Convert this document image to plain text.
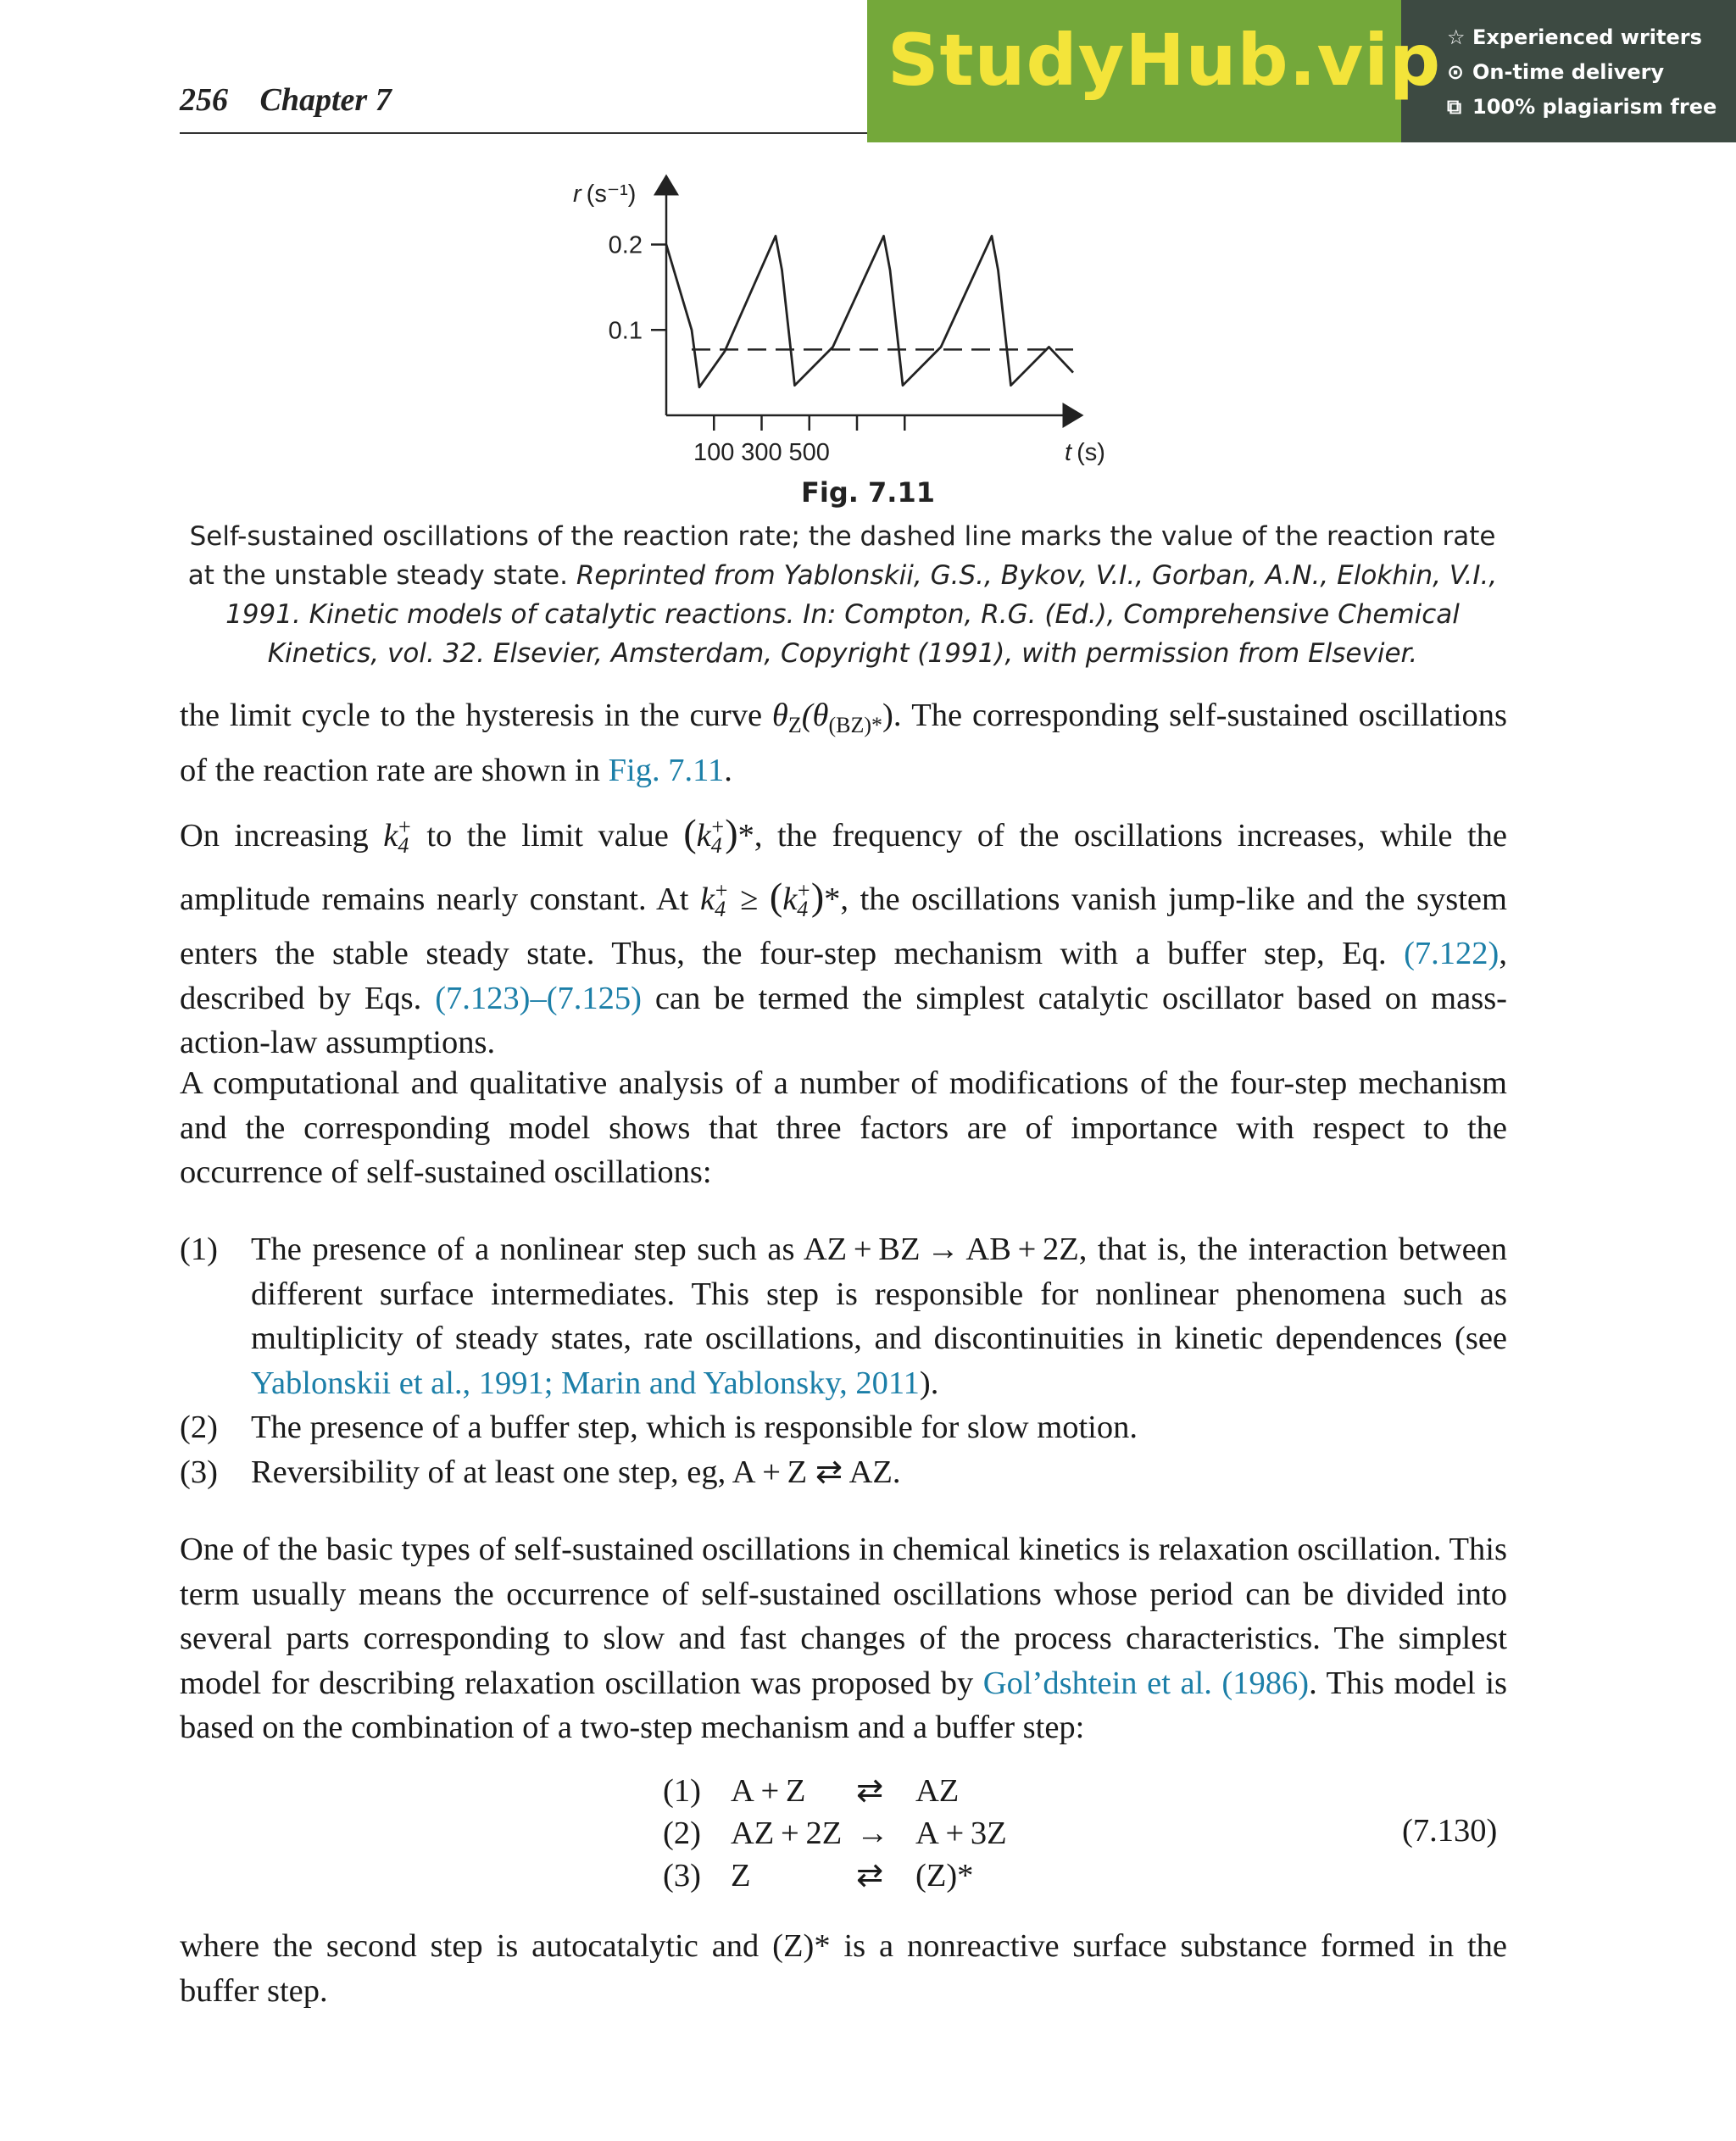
256 Chapter 7	StudyHub.vip ☆ Experienced writers
⊙ On-time delivery
⧉ 100% plagiarism free
0.2
0.1
100 300 500
r (s⁻¹)
t (s)
Fig. 7.11
Self-sustained oscillations of the reaction rate; the dashed line marks the value of the reaction rate at the unstable steady state. Reprinted from Yablonskii, G.S., Bykov, V.I., Gorban, A.N., Elokhin, V.I., 1991. Kinetic models of catalytic reactions. In: Compton, R.G. (Ed.), Comprehensive Chemical Kinetics, vol. 32. Elsevier, Amsterdam, Copyright (1991), with permission from Elsevier.
the limit cycle to the hysteresis in the curve $\theta_Z(\theta_{(BZ)*})$. The corresponding self-sustained oscillations of the reaction rate are shown in Fig. 7.11.
On increasing $k_4^+$ to the limit value $(k_4^+)*$, the frequency of the oscillations increases, while the amplitude remains nearly constant. At $k_4^+ \ge (k_4^+)*$, the oscillations vanish jump-like and the system enters the stable steady state. Thus, the four-step mechanism with a buffer step, Eq. (7.122), described by Eqs. (7.123)–(7.125) can be termed the simplest catalytic oscillator based on mass-action-law assumptions.
A computational and qualitative analysis of a number of modifications of the four-step mechanism and the corresponding model shows that three factors are of importance with respect to the occurrence of self-sustained oscillations:
(1)	The presence of a nonlinear step such as AZ + BZ → AB + 2Z, that is, the interaction between different surface intermediates. This step is responsible for nonlinear phenomena such as multiplicity of steady states, rate oscillations, and discontinuities in kinetic dependences (see Yablonskii et al., 1991; Marin and Yablonsky, 2011).
(2)	The presence of a buffer step, which is responsible for slow motion.
(3)	Reversibility of at least one step, eg, A + Z ⇄ AZ.
One of the basic types of self-sustained oscillations in chemical kinetics is relaxation oscillation. This term usually means the occurrence of self-sustained oscillations whose period can be divided into several parts corresponding to slow and fast changes of the process characteristics. The simplest model for describing relaxation oscillation was proposed by Gol’dshtein et al. (1986). This model is based on the combination of a two-step mechanism and a buffer step:
(1) A + Z	⇄ AZ
(2) AZ + 2Z → A + 3Z
(3) Z	⇄ (Z)*
(7.130)
where the second step is autocatalytic and (Z)* is a nonreactive surface substance formed in the buffer step.
